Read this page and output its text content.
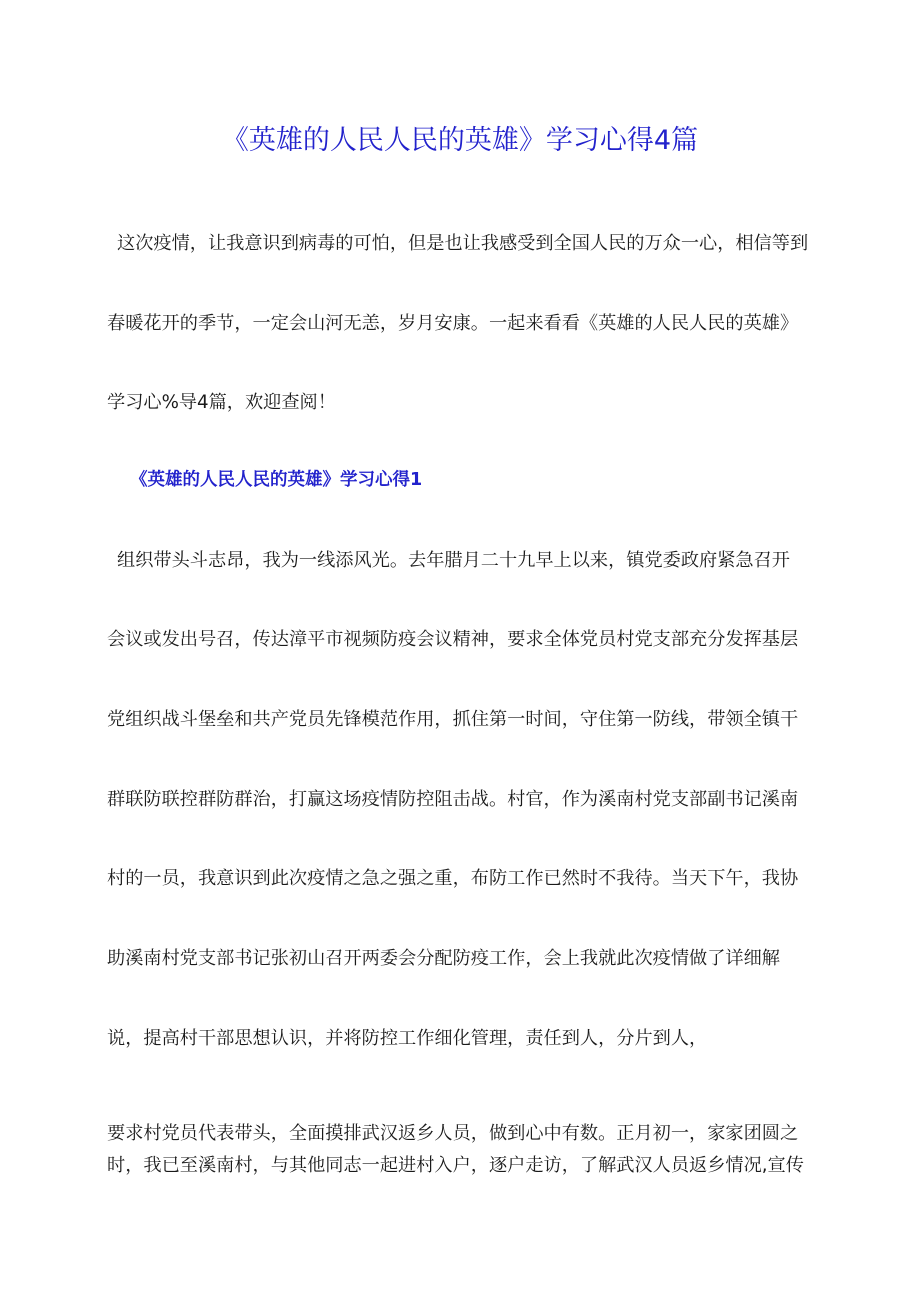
《英雄的人民人民的英雄》学习心得4篇
这次疫情，让我意识到病毒的可怕，但是也让我感受到全国人民的万众一心，相信等到
春暖花开的季节，一定会山河无恙，岁月安康。一起来看看《英雄的人民人民的英雄》
学习心%导4篇，欢迎查阅！
《英雄的人民人民的英雄》学习心得1
组织带头斗志昂，我为一线添风光。去年腊月二十九早上以来，镇党委政府紧急召开
会议或发出号召，传达漳平市视频防疫会议精神，要求全体党员村党支部充分发挥基层
党组织战斗堡垒和共产党员先锋模范作用，抓住第一时间，守住第一防线，带领全镇干
群联防联控群防群治，打赢这场疫情防控阻击战。村官，作为溪南村党支部副书记溪南
村的一员，我意识到此次疫情之急之强之重，布防工作已然时不我待。当天下午，我协
助溪南村党支部书记张初山召开两委会分配防疫工作，会上我就此次疫情做了详细解
说，提高村干部思想认识，并将防控工作细化管理，责任到人，分片到人，
要求村党员代表带头，全面摸排武汉返乡人员，做到心中有数。正月初一，家家团圆之
时，我已至溪南村，与其他同志一起进村入户，逐户走访，了解武汉人员返乡情况,宣传
